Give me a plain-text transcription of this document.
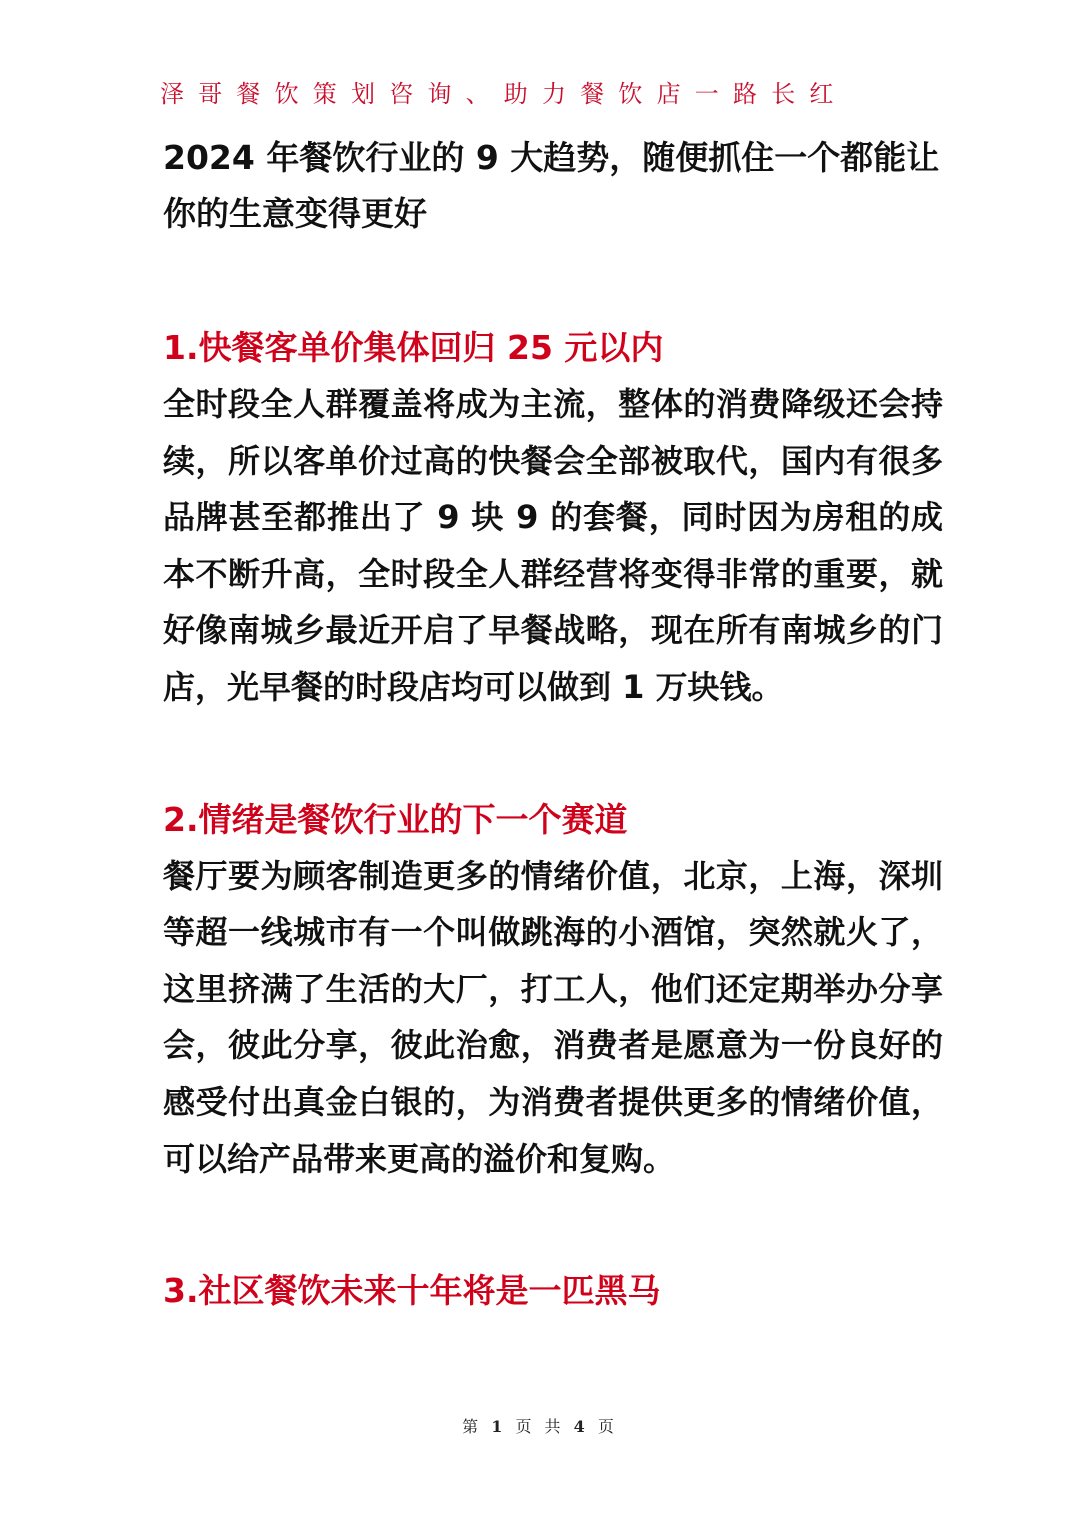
泽哥餐饮策划咨询、助力餐饮店一路长红
2024 年餐饮行业的 9 大趋势，随便抓住一个都能让你的生意变得更好
1.快餐客单价集体回归 25 元以内

全时段全人群覆盖将成为主流，整体的消费降级还会持续，所以客单价过高的快餐会全部被取代，国内有很多品牌甚至都推出了 9 块 9 的套餐，同时因为房租的成本不断升高，全时段全人群经营将变得非常的重要，就好像南城乡最近开启了早餐战略，现在所有南城乡的门店，光早餐的时段店均可以做到 1 万块钱。

2.情绪是餐饮行业的下一个赛道

餐厅要为顾客制造更多的情绪价值，北京，上海，深圳等超一线城市有一个叫做跳海的小酒馆，突然就火了，这里挤满了生活的大厂，打工人，他们还定期举办分享会，彼此分享，彼此治愈，消费者是愿意为一份良好的感受付出真金白银的，为消费者提供更多的情绪价值，可以给产品带来更高的溢价和复购。

3.社区餐饮未来十年将是一匹黑马
第 1 页 共 4 页
